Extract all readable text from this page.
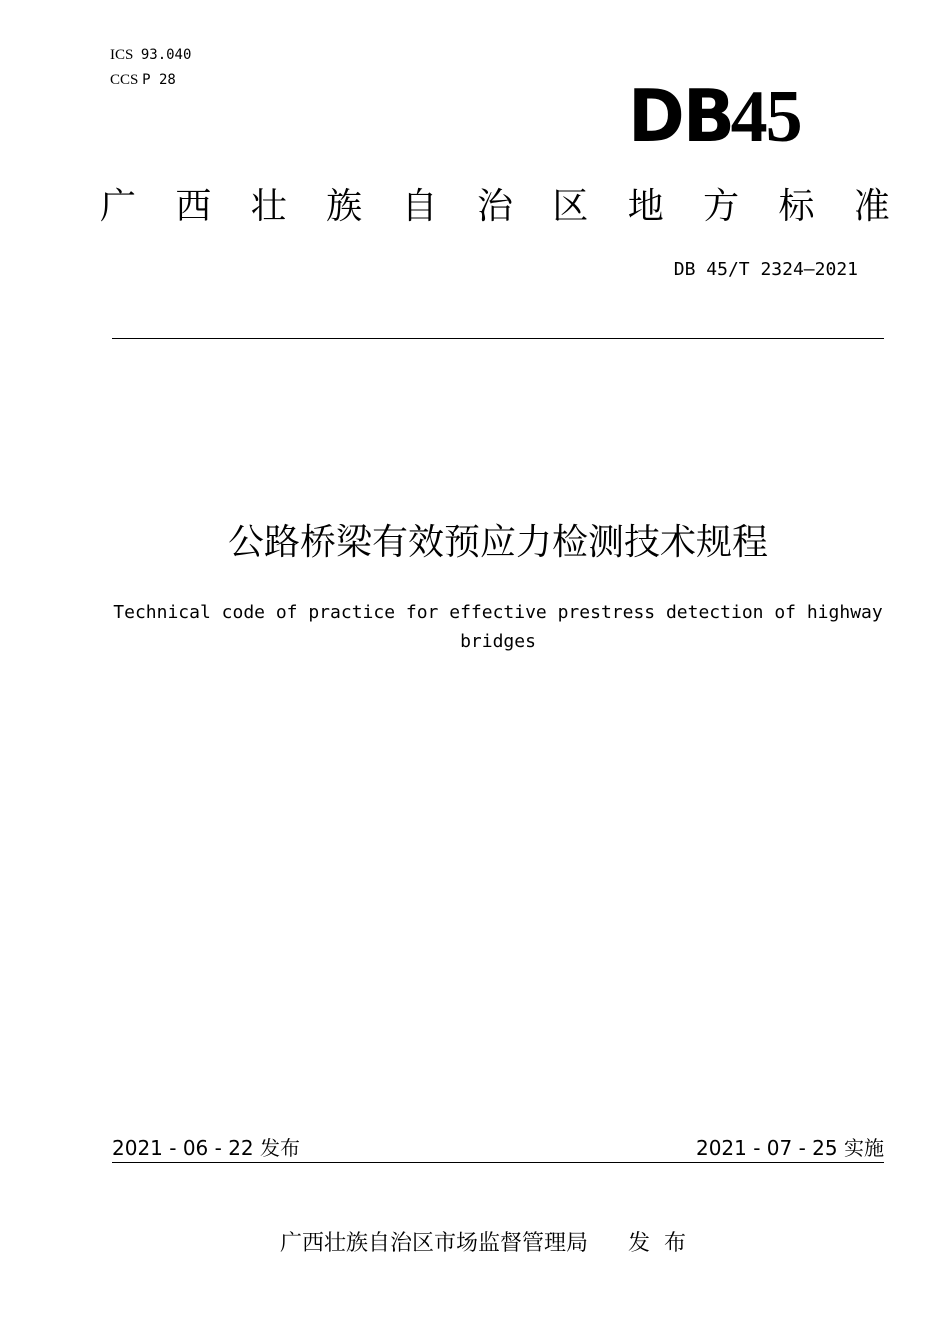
ICS 93.040
CCS P 28	DB45
广 西 壮 族 自 治 区 地 方 标 准
DB 45/T 2324—2021
公路桥梁有效预应力检测技术规程
Technical code of practice for effective prestress detection of highway
bridges
2021 - 06 - 22 发布	2021 - 07 - 25 实施
广西壮族自治区市场监督管理局 发布
